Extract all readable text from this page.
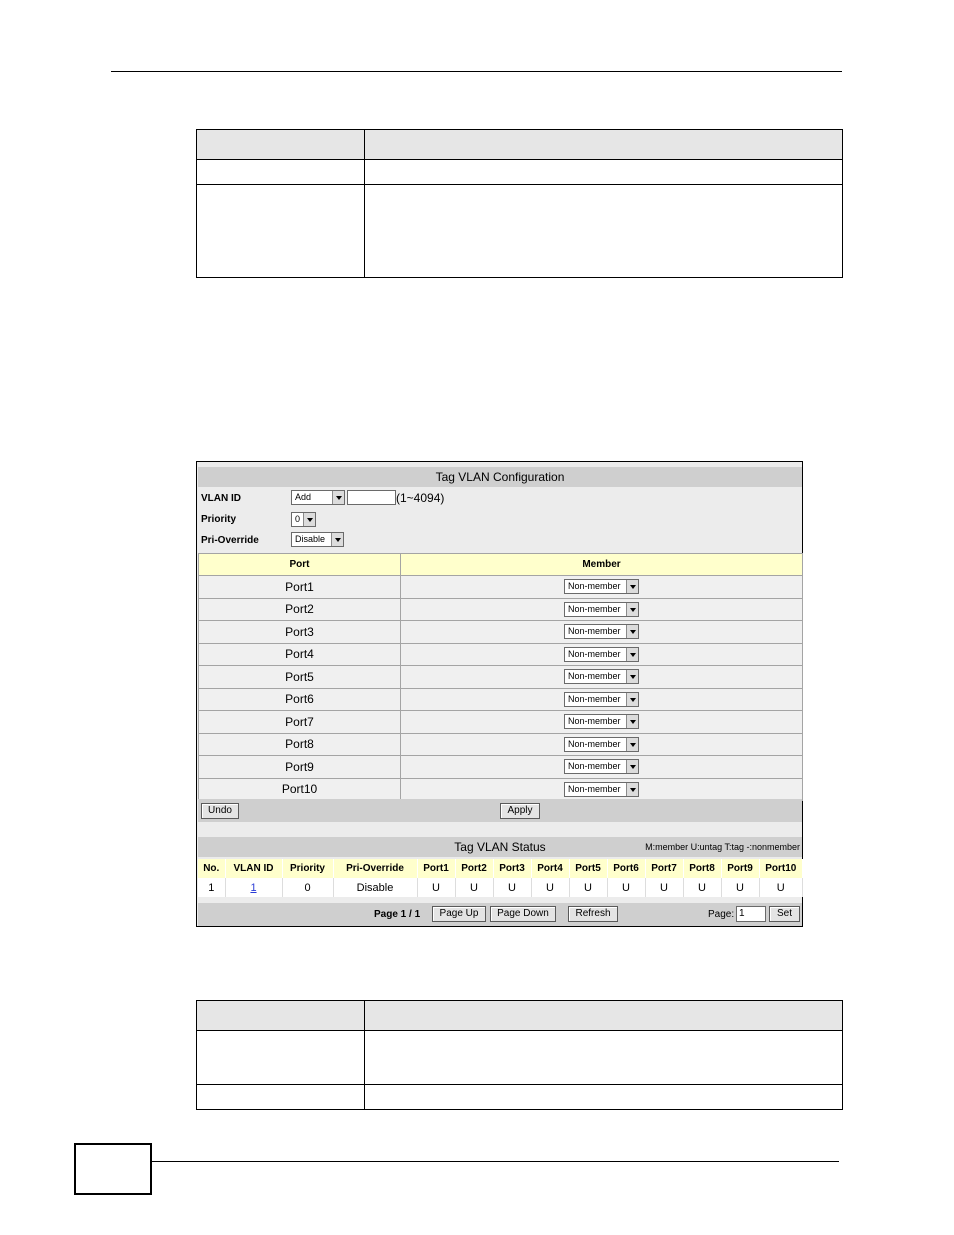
Tag VLAN Configuration
VLAN ID	Add	(1~4094)
Priority	0
Pri-Override	Disable
Port	Member
Port1	Non-member

Port2	Non-member

Port3	Non-member

Port4	Non-member

Port5	Non-member

Port6	Non-member

Port7	Non-member

Port8	Non-member

Port9	Non-member

Port10	Non-member
Undo	Apply
Tag VLAN Status	M:member U:untag T:tag -:nonmember
No.	VLAN ID	Priority	Pri-Override	Port1	Port2	Port3	Port4	Port5	Port6	Port7	Port8	Port9	Port10
1	1	0	Disable	U	U	U	U	U	U	U	U	U	U
Page 1 / 1	Page Up	Page Down	Refresh	Page: 1	Set
